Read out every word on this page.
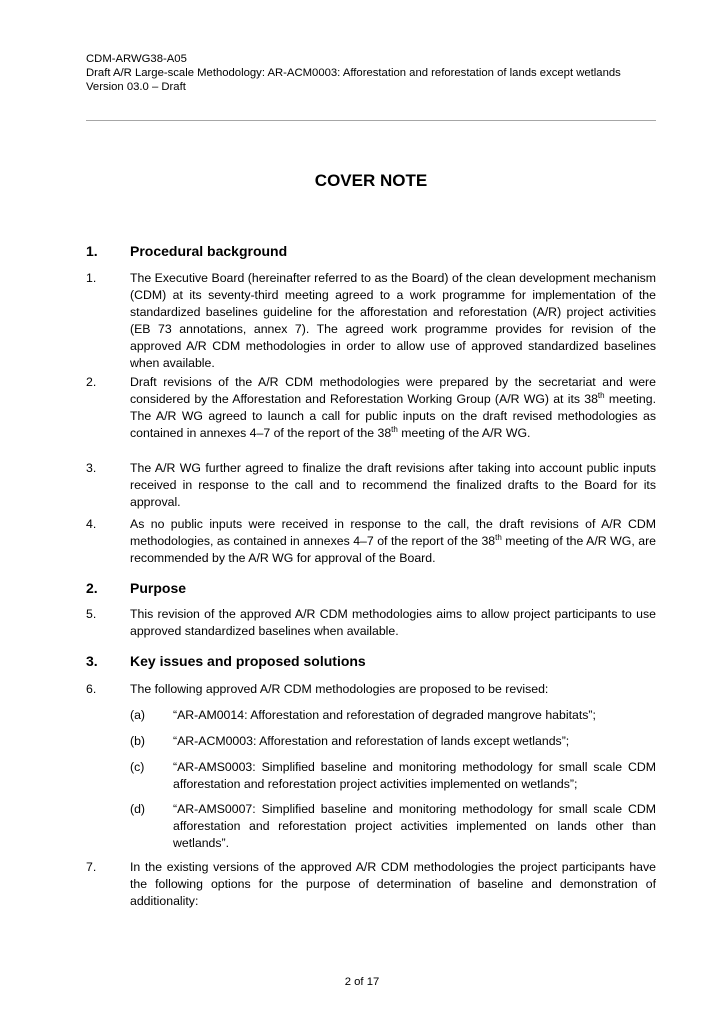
CDM-ARWG38-A05
Draft A/R Large-scale Methodology: AR-ACM0003: Afforestation and reforestation of lands except wetlands
Version 03.0 – Draft
COVER NOTE
1. Procedural background
1.	The Executive Board (hereinafter referred to as the Board) of the clean development mechanism (CDM) at its seventy-third meeting agreed to a work programme for implementation of the standardized baselines guideline for the afforestation and reforestation (A/R) project activities (EB 73 annotations, annex 7). The agreed work programme provides for revision of the approved A/R CDM methodologies in order to allow use of approved standardized baselines when available.
2.	Draft revisions of the A/R CDM methodologies were prepared by the secretariat and were considered by the Afforestation and Reforestation Working Group (A/R WG) at its 38th meeting. The A/R WG agreed to launch a call for public inputs on the draft revised methodologies as contained in annexes 4–7 of the report of the 38th meeting of the A/R WG.
3.	The A/R WG further agreed to finalize the draft revisions after taking into account public inputs received in response to the call and to recommend the finalized drafts to the Board for its approval.
4.	As no public inputs were received in response to the call, the draft revisions of A/R CDM methodologies, as contained in annexes 4–7 of the report of the 38th meeting of the A/R WG, are recommended by the A/R WG for approval of the Board.
2. Purpose
5.	This revision of the approved A/R CDM methodologies aims to allow project participants to use approved standardized baselines when available.
3. Key issues and proposed solutions
6.	The following approved A/R CDM methodologies are proposed to be revised:
(a) “AR-AM0014: Afforestation and reforestation of degraded mangrove habitats”;
(b) “AR-ACM0003: Afforestation and reforestation of lands except wetlands”;
(c) “AR-AMS0003: Simplified baseline and monitoring methodology for small scale CDM afforestation and reforestation project activities implemented on wetlands”;
(d) “AR-AMS0007: Simplified baseline and monitoring methodology for small scale CDM afforestation and reforestation project activities implemented on lands other than wetlands”.
7.	In the existing versions of the approved A/R CDM methodologies the project participants have the following options for the purpose of determination of baseline and demonstration of additionality:
2 of 17
